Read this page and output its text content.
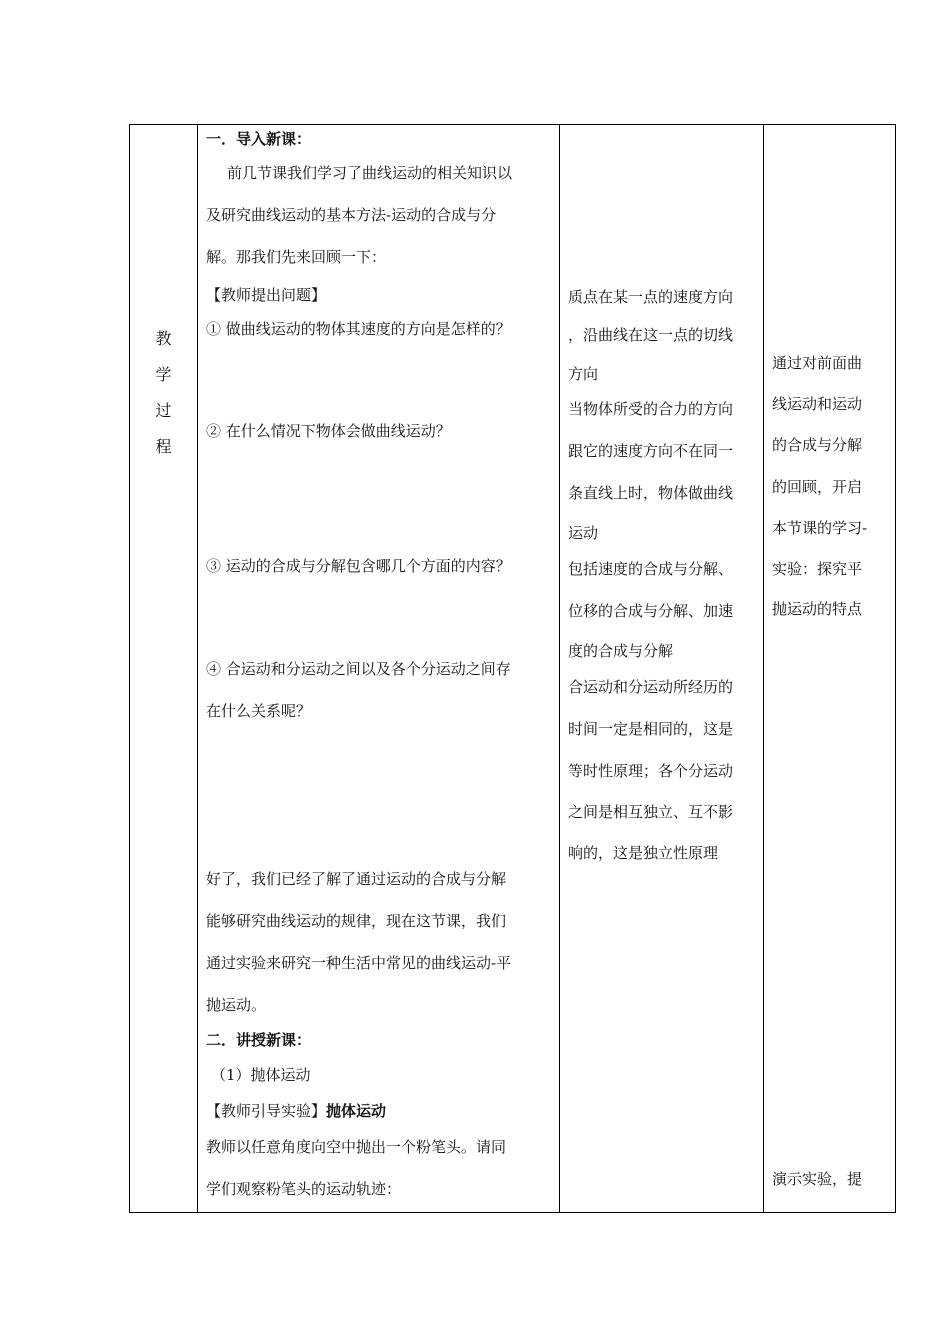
教
学
过
程
一．导入新课：
前几节课我们学习了曲线运动的相关知识以
及研究曲线运动的基本方法-运动的合成与分
解。那我们先来回顾一下：
【教师提出问题】
① 做曲线运动的物体其速度的方向是怎样的？
② 在什么情况下物体会做曲线运动？
③ 运动的合成与分解包含哪几个方面的内容？
④ 合运动和分运动之间以及各个分运动之间存
在什么关系呢？
好了，我们已经了解了通过运动的合成与分解
能够研究曲线运动的规律，现在这节课，我们
通过实验来研究一种生活中常见的曲线运动-平
抛运动。
二．讲授新课：
（1）抛体运动
【教师引导实验】抛体运动
教师以任意角度向空中抛出一个粉笔头。请同
学们观察粉笔头的运动轨迹：
质点在某一点的速度方向
，沿曲线在这一点的切线
方向
当物体所受的合力的方向
跟它的速度方向不在同一
条直线上时，物体做曲线
运动
包括速度的合成与分解、
位移的合成与分解、加速
度的合成与分解
合运动和分运动所经历的
时间一定是相同的，这是
等时性原理；各个分运动
之间是相互独立、互不影
响的，这是独立性原理
通过对前面曲
线运动和运动
的合成与分解
的回顾，开启
本节课的学习-
实验：探究平
抛运动的特点
演示实验，提
